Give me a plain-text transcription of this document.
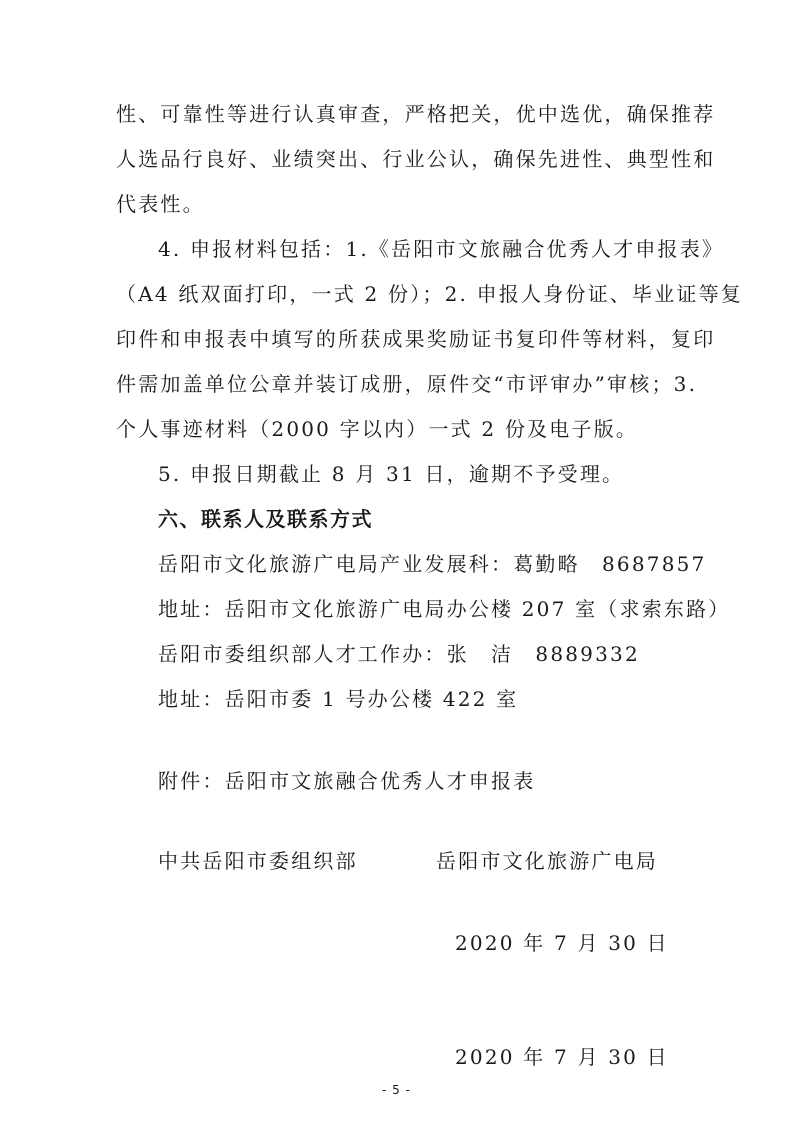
性、可靠性等进行认真审查，严格把关，优中选优，确保推荐
人选品行良好、业绩突出、行业公认，确保先进性、典型性和
代表性。
4. 申报材料包括：1.《岳阳市文旅融合优秀人才申报表》
（A4 纸双面打印，一式 2 份）；2. 申报人身份证、毕业证等复
印件和申报表中填写的所获成果奖励证书复印件等材料，复印
件需加盖单位公章并装订成册，原件交“市评审办”审核；3.
个人事迹材料（2000 字以内）一式 2 份及电子版。
5. 申报日期截止 8 月 31 日，逾期不予受理。
六、联系人及联系方式
岳阳市文化旅游广电局产业发展科：葛勤略　8687857
地址：岳阳市文化旅游广电局办公楼 207 室（求索东路）
岳阳市委组织部人才工作办：张　洁　8889332
地址：岳阳市委 1 号办公楼 422 室
附件：岳阳市文旅融合优秀人才申报表
中共岳阳市委组织部	岳阳市文化旅游广电局
2020 年 7 月 30 日
2020 年 7 月 30 日
- 5 -
